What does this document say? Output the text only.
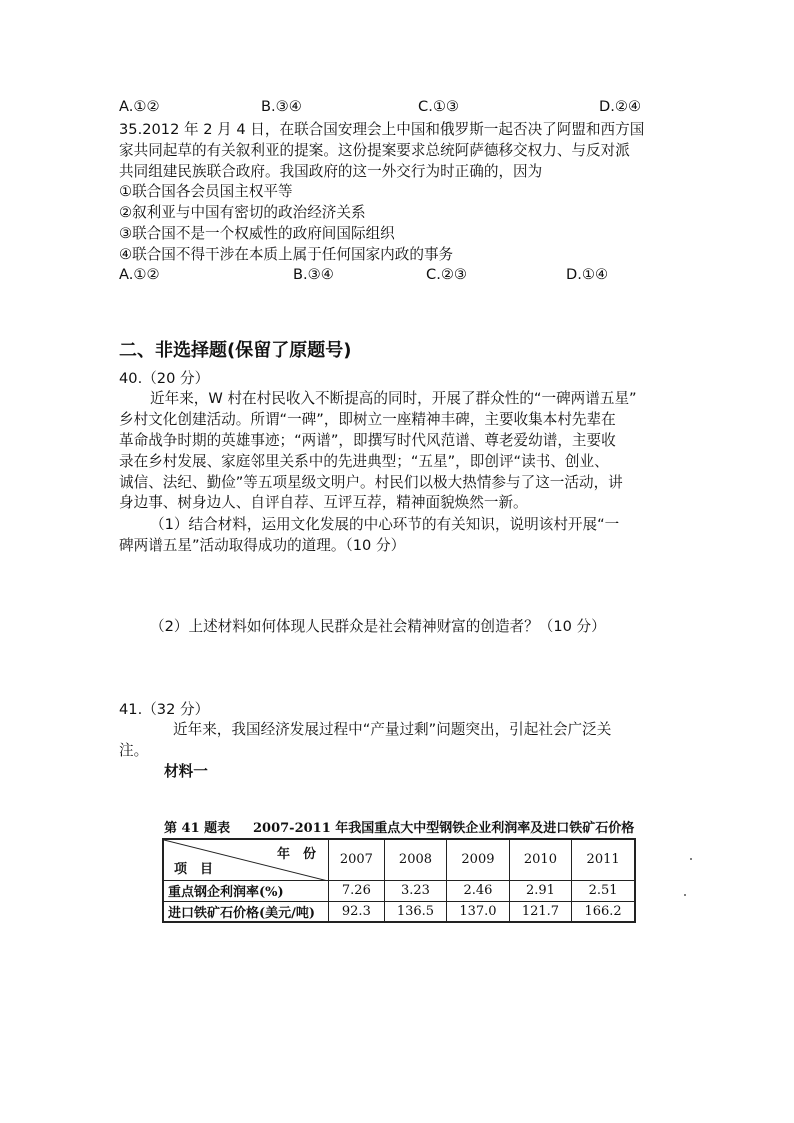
A.①②	B.③④	C.①③	D.②④
35.2012 年 2 月 4 日，在联合国安理会上中国和俄罗斯一起否决了阿盟和西方国
家共同起草的有关叙利亚的提案。这份提案要求总统阿萨德移交权力、与反对派
共同组建民族联合政府。我国政府的这一外交行为时正确的，因为
①联合国各会员国主权平等
②叙利亚与中国有密切的政治经济关系
③联合国不是一个权威性的政府间国际组织
④联合国不得干涉在本质上属于任何国家内政的事务
A.①②	B.③④	C.②③	D.①④
二、非选择题(保留了原题号)
40.（20 分）
近年来，W 村在村民收入不断提高的同时，开展了群众性的“一碑两谱五星”
乡村文化创建活动。所谓“一碑”，即树立一座精神丰碑，主要收集本村先辈在
革命战争时期的英雄事迹；“两谱”，即撰写时代风范谱、尊老爱幼谱，主要收
录在乡村发展、家庭邻里关系中的先进典型；“五星”，即创评“读书、创业、
诚信、法纪、勤俭”等五项星级文明户。村民们以极大热情参与了这一活动，讲
身边事、树身边人、自评自荐、互评互荐，精神面貌焕然一新。
（1）结合材料，运用文化发展的中心环节的有关知识，说明该村开展“一
碑两谱五星”活动取得成功的道理。（10 分）
（2）上述材料如何体现人民群众是社会精神财富的创造者？（10 分）
41.（32 分）
近年来，我国经济发展过程中“产量过剩”问题突出，引起社会广泛关
注。
材料一
第 41 题表 2007-2011 年我国重点大中型钢铁企业利润率及进口铁矿石价格
年　份
项　目	2007	2008	2009	2010	2011
重点钢企利润率(%)	7.26	3.23	2.46	2.91	2.51
进口铁矿石价格(美元/吨)	92.3	136.5	137.0	121.7	166.2
